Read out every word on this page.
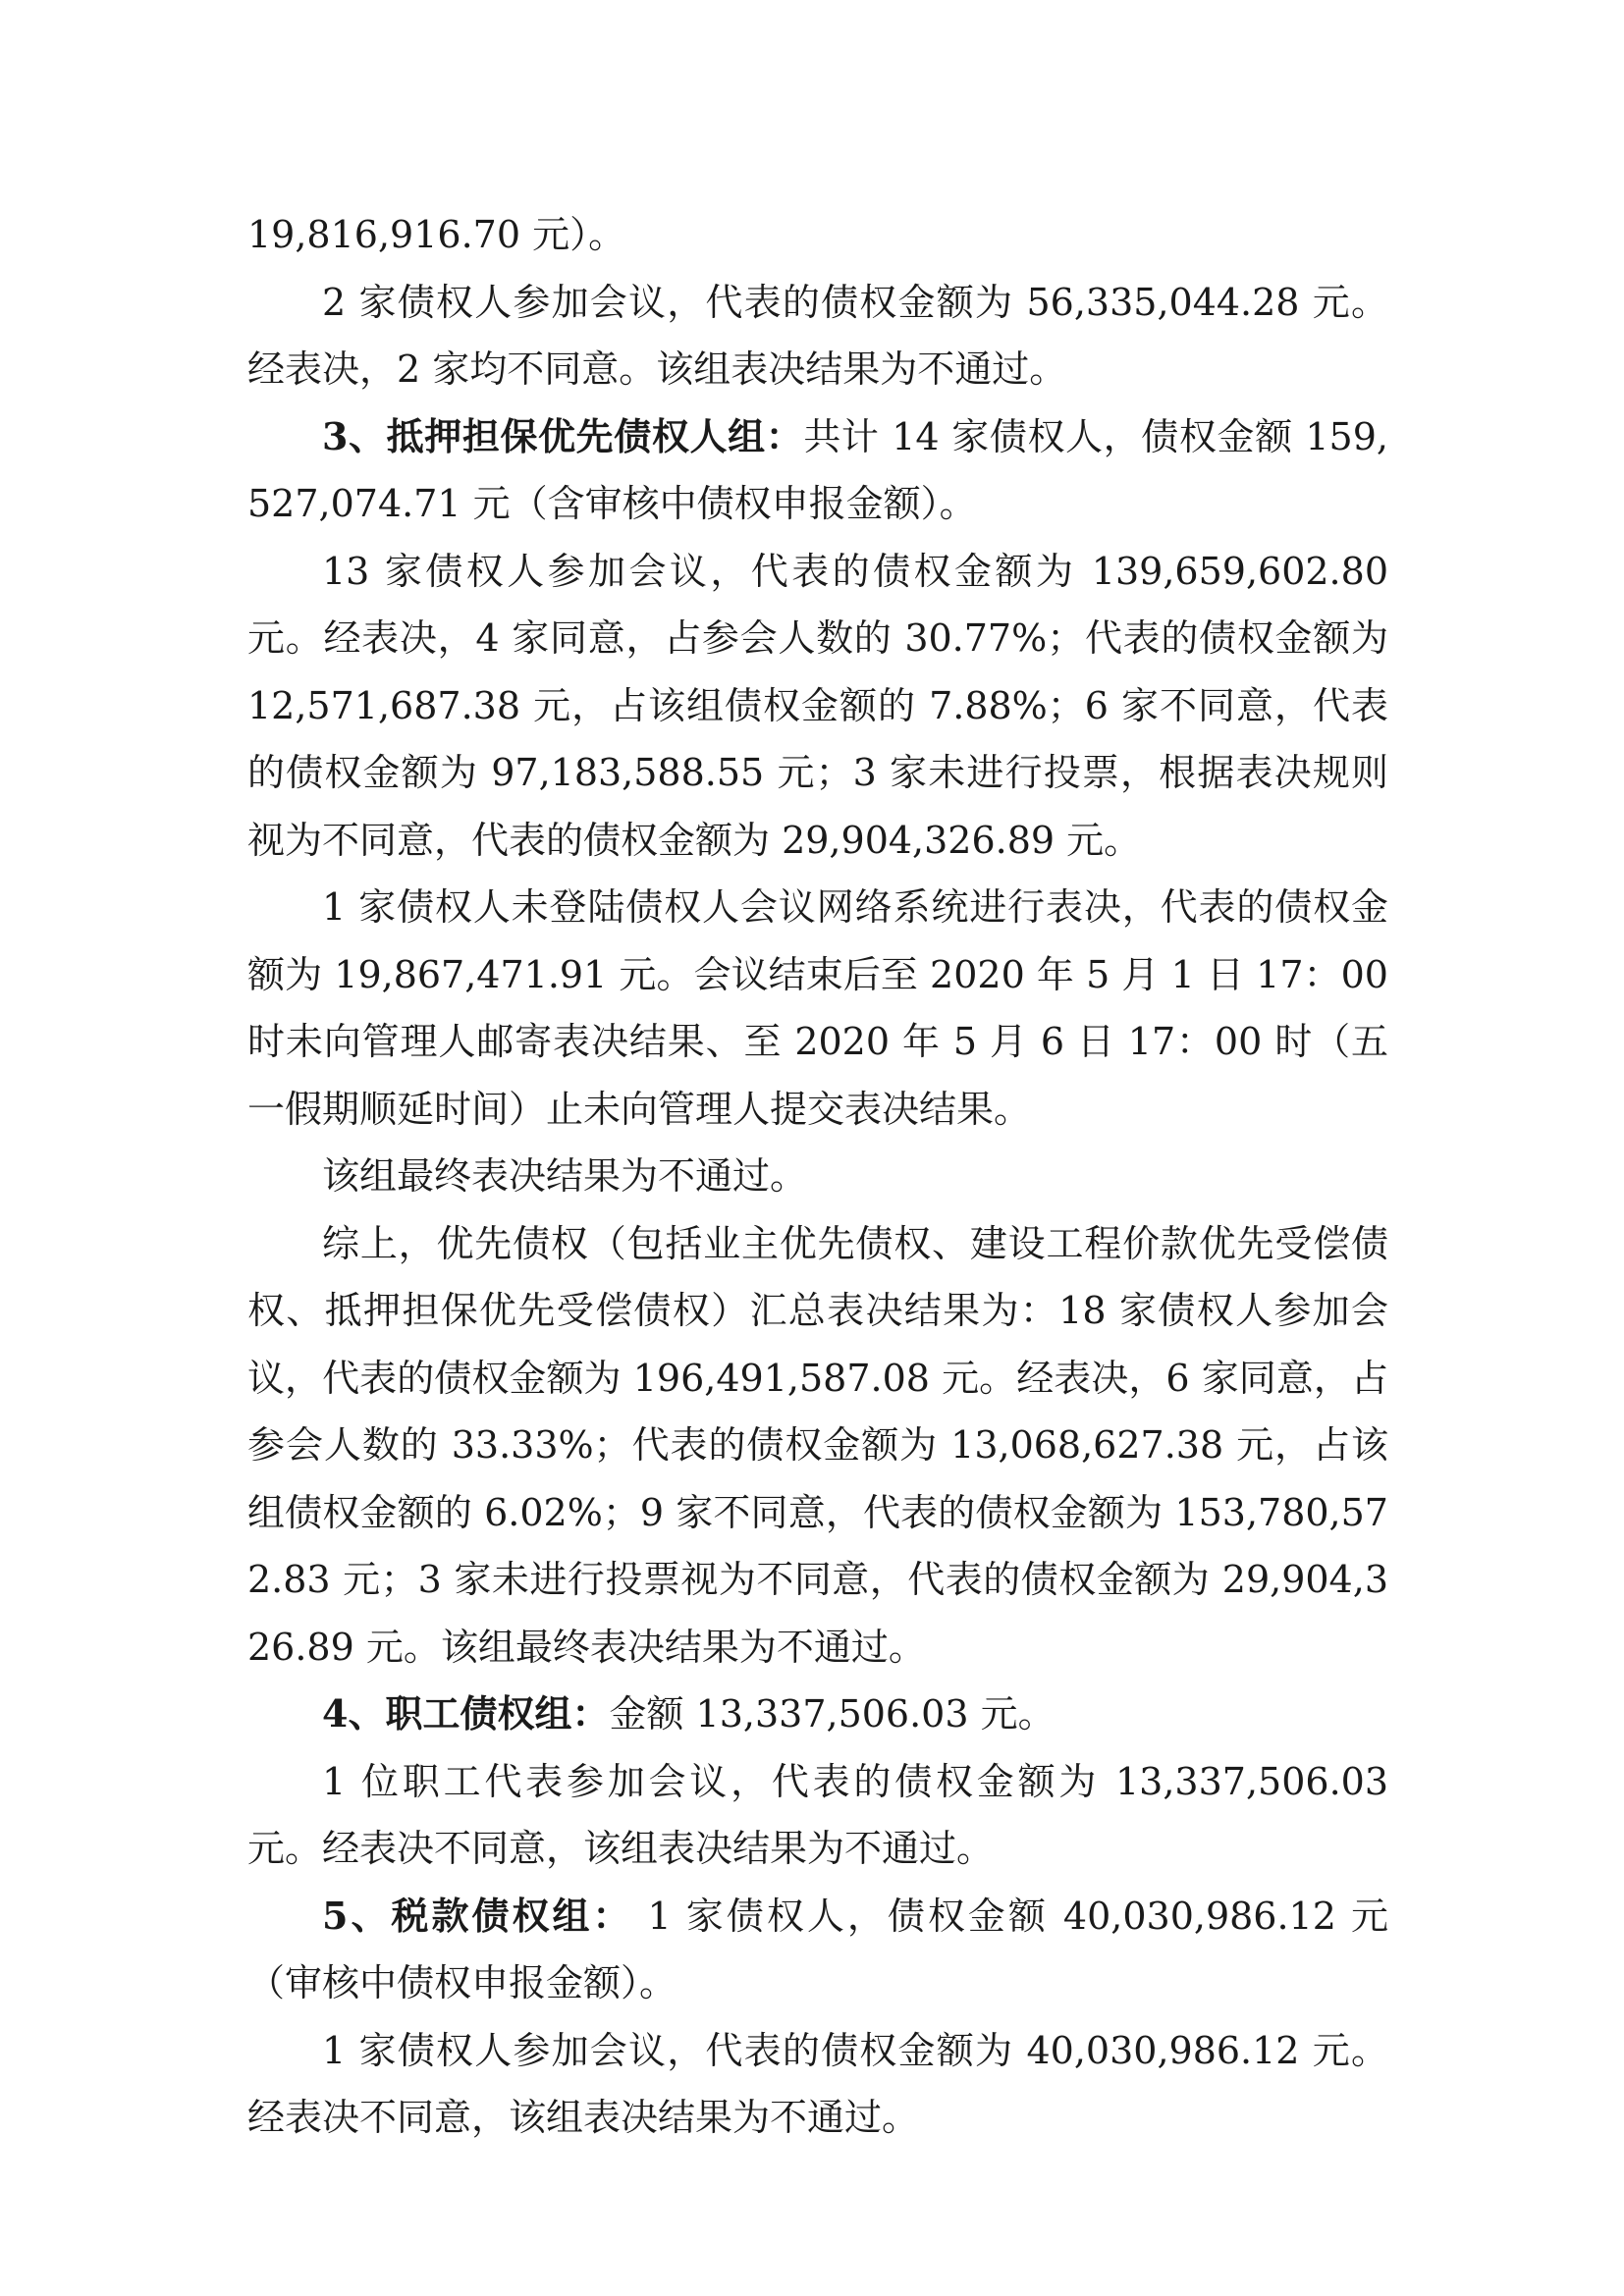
19,816,916.70 元）。

2 家债权人参加会议，代表的债权金额为 56,335,044.28 元。经表决，2 家均不同意。该组表决结果为不通过。

3、抵押担保优先债权人组：共计 14 家债权人，债权金额 159,527,074.71 元（含审核中债权申报金额）。

13 家债权人参加会议，代表的债权金额为 139,659,602.80 元。经表决，4 家同意，占参会人数的 30.77%；代表的债权金额为 12,571,687.38 元，占该组债权金额的 7.88%；6 家不同意，代表的债权金额为 97,183,588.55 元；3 家未进行投票，根据表决规则视为不同意，代表的债权金额为 29,904,326.89 元。

1 家债权人未登陆债权人会议网络系统进行表决，代表的债权金额为 19,867,471.91 元。会议结束后至 2020 年 5 月 1 日 17：00 时未向管理人邮寄表决结果、至 2020 年 5 月 6 日 17：00 时（五一假期顺延时间）止未向管理人提交表决结果。

该组最终表决结果为不通过。

综上，优先债权（包括业主优先债权、建设工程价款优先受偿债权、抵押担保优先受偿债权）汇总表决结果为：18 家债权人参加会议，代表的债权金额为 196,491,587.08 元。经表决，6 家同意，占参会人数的 33.33%；代表的债权金额为 13,068,627.38 元，占该组债权金额的 6.02%；9 家不同意，代表的债权金额为 153,780,572.83 元；3 家未进行投票视为不同意，代表的债权金额为 29,904,326.89 元。该组最终表决结果为不通过。

4、职工债权组：金额 13,337,506.03 元。

1 位职工代表参加会议，代表的债权金额为 13,337,506.03 元。经表决不同意，该组表决结果为不通过。

5、税款债权组： 1 家债权人，债权金额 40,030,986.12 元（审核中债权申报金额）。

1 家债权人参加会议，代表的债权金额为 40,030,986.12 元。经表决不同意，该组表决结果为不通过。
